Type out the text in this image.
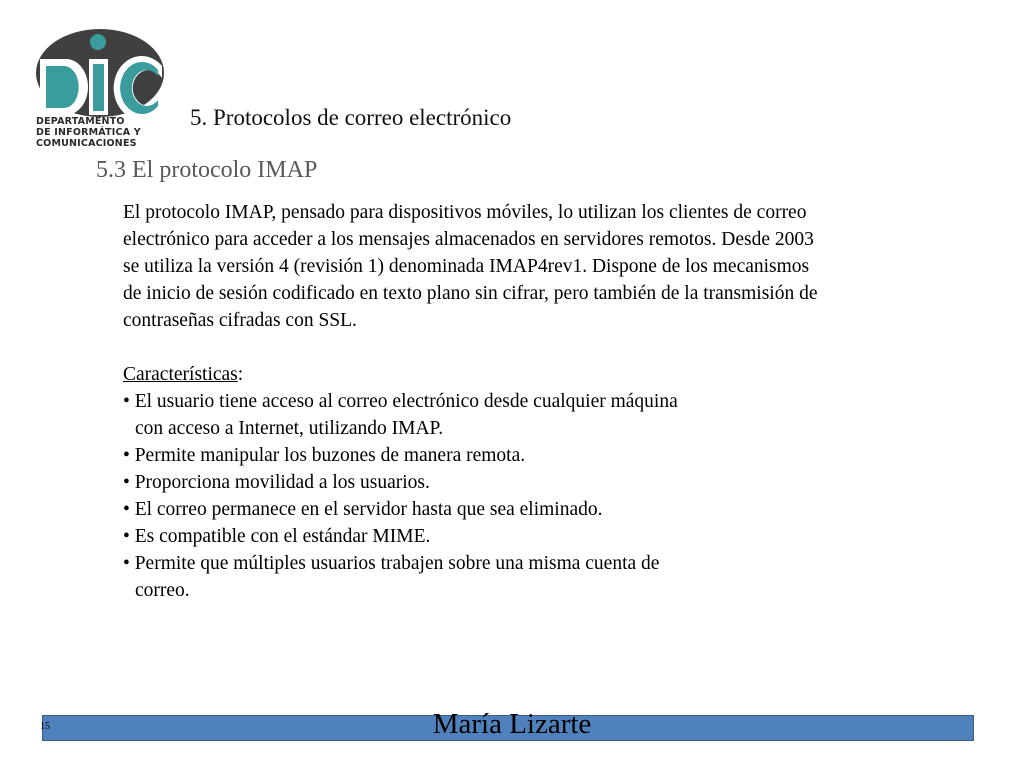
DEPARTAMENTO
DE INFORMÁTICA Y
COMUNICACIONES
5. Protocolos de correo electrónico
5.3 El protocolo IMAP
El protocolo IMAP, pensado para dispositivos móviles, lo utilizan los clientes de correo
electrónico para acceder a los mensajes almacenados en servidores remotos. Desde 2003
se utiliza la versión 4 (revisión 1) denominada IMAP4rev1. Dispone de los mecanismos
de inicio de sesión codificado en texto plano sin cifrar, pero también de la transmisión de
contraseñas cifradas con SSL.

Características:

• El usuario tiene acceso al correo electrónico desde cualquier máquina
con acceso a Internet, utilizando IMAP.
• Permite manipular los buzones de manera remota.
• Proporciona movilidad a los usuarios.
• El correo permanece en el servidor hasta que sea eliminado.
• Es compatible con el estándar MIME.
• Permite que múltiples usuarios trabajen sobre una misma cuenta de
correo.
15	María Lizarte
